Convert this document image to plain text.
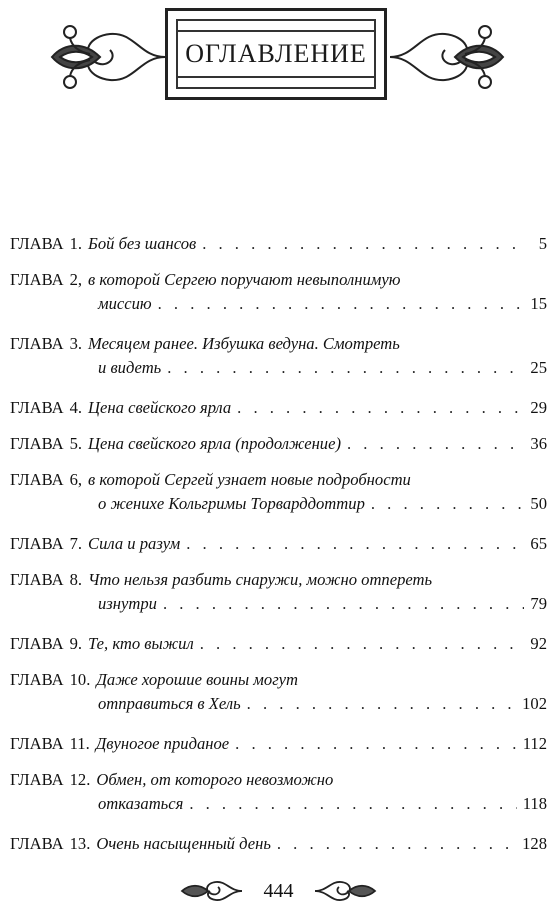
ОГЛАВЛЕНИЕ
ГЛАВА 1. Бой без шансов . . .	5
ГЛАВА 2, в которой Сергею поручают невыполнимую
миссию . . .	15
ГЛАВА 3. Месяцем ранее. Избушка ведуна. Смотреть
и видеть . . .	25
ГЛАВА 4. Цена свейского ярла . . .	29
ГЛАВА 5. Цена свейского ярла (продолжение) . . .	36
ГЛАВА 6, в которой Сергей узнает новые подробности
о женихе Кольгримы Торварддоттир . . .	50
ГЛАВА 7. Сила и разум . . .	65
ГЛАВА 8. Что нельзя разбить снаружи, можно отпереть
изнутри . . .	79
ГЛАВА 9. Те, кто выжил . . .	92
ГЛАВА 10. Даже хорошие воины могут
отправиться в Хель . . .	102
ГЛАВА 11. Двуногое приданое . . .	112
ГЛАВА 12. Обмен, от которого невозможно
отказаться . . .	118
ГЛАВА 13. Очень насыщенный день . . .	128
444
